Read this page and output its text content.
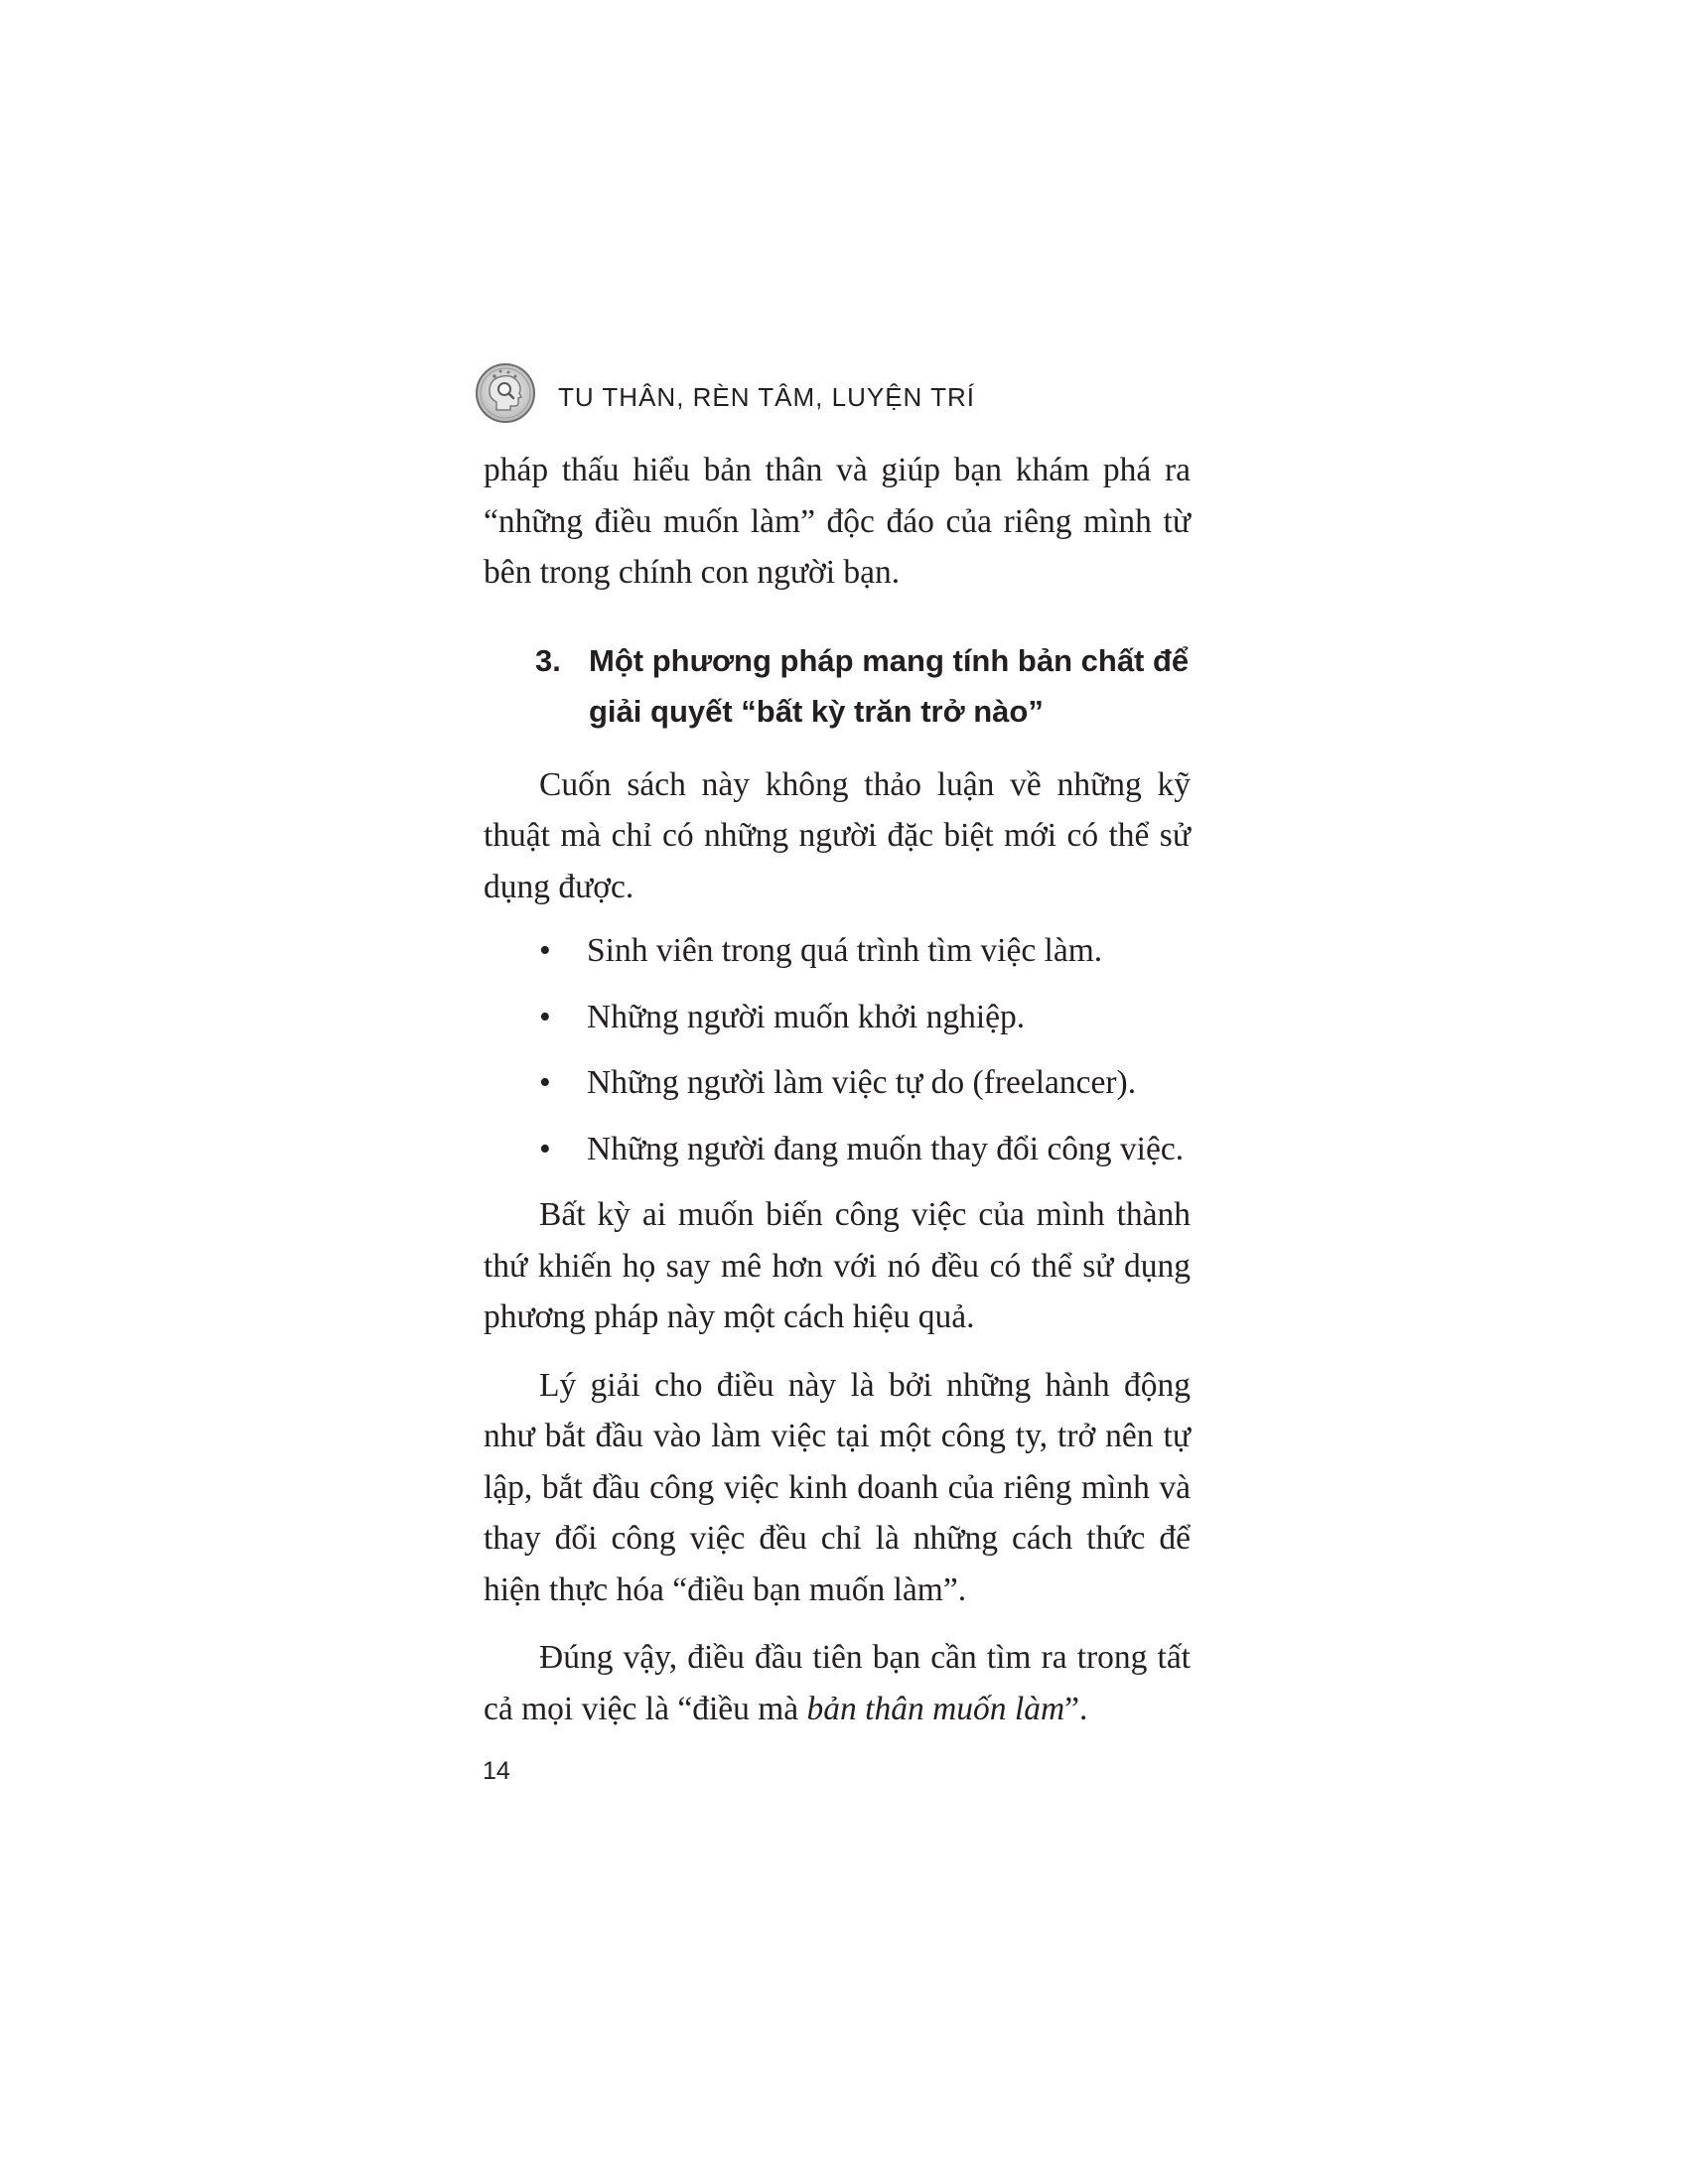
TU THÂN, RÈN TÂM, LUYỆN TRÍ

pháp thấu hiểu bản thân và giúp bạn khám phá ra “những điều muốn làm” độc đáo của riêng mình từ bên trong chính con người bạn.

3. Một phương pháp mang tính bản chất để giải quyết “bất kỳ trăn trở nào”

Cuốn sách này không thảo luận về những kỹ thuật mà chỉ có những người đặc biệt mới có thể sử dụng được.

• Sinh viên trong quá trình tìm việc làm.
• Những người muốn khởi nghiệp.
• Những người làm việc tự do (freelancer).
• Những người đang muốn thay đổi công việc.

Bất kỳ ai muốn biến công việc của mình thành thứ khiến họ say mê hơn với nó đều có thể sử dụng phương pháp này một cách hiệu quả.

Lý giải cho điều này là bởi những hành động như bắt đầu vào làm việc tại một công ty, trở nên tự lập, bắt đầu công việc kinh doanh của riêng mình và thay đổi công việc đều chỉ là những cách thức để hiện thực hóa “điều bạn muốn làm”.

Đúng vậy, điều đầu tiên bạn cần tìm ra trong tất cả mọi việc là “điều mà bản thân muốn làm”.

14
